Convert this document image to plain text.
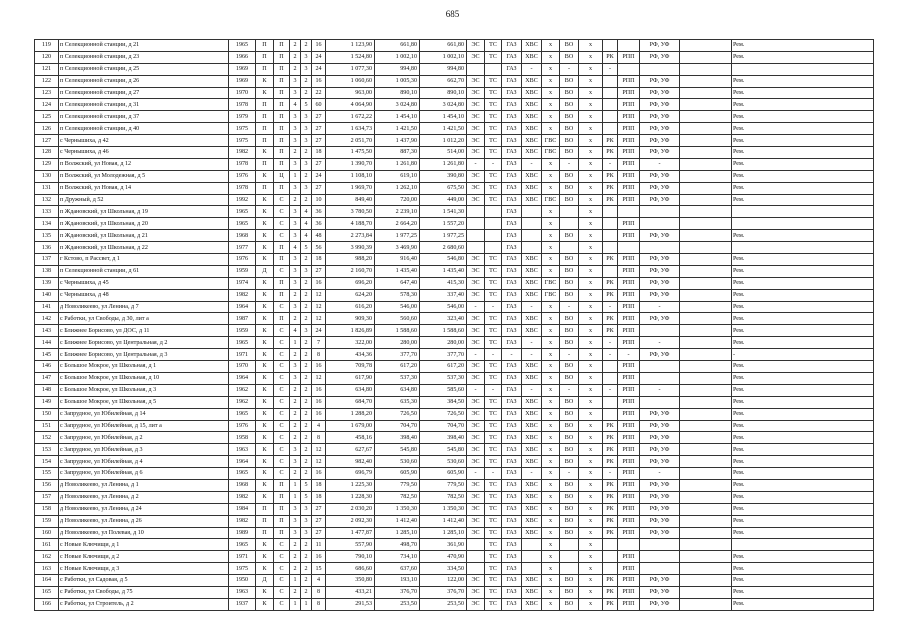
685
119	п Селекционной станции, д 21	1965	П	П	2	2	16	1 123,90	661,80	661,80	ЭС	ТС	ГАЗ	ХВС	х	ВО	х			РФ, УФ		Рем.
120	п Селекционной станции, д 23	1966	П	П	2	3	24	1 524,80	1 002,10	1 002,10	ЭС	ТС	ГАЗ	ХВС	х	ВО	х	РК	РПП	РФ, УФ		Рем.
121	п Селекционной станции, д 25	1969	П	П	2	3	24	1 077,30	994,80	994,80			ГАЗ	-	х	-	х	-				
122	п Селекционной станции, д 26	1969	К	П	3	2	16	1 060,60	1 005,30	662,70	ЭС	ТС	ГАЗ	ХВС	х	ВО	х		РПП	РФ, УФ		Рем.
123	п Селекционной станции, д 27	1970	К	П	3	2	22	963,00	890,10	890,10	ЭС	ТС	ГАЗ	ХВС	х	ВО	х		РПП	РФ, УФ		Рем.
124	п Селекционной станции, д 31	1978	П	П	4	5	60	4 064,90	3 024,80	3 024,80	ЭС	ТС	ГАЗ	ХВС	х	ВО	х		РПП	РФ, УФ		Рем.
125	п Селекционной станции, д 37	1979	П	П	3	3	27	1 672,22	1 454,10	1 454,10	ЭС	ТС	ГАЗ	ХВС	х	ВО	х		РПП	РФ, УФ		Рем.
126	п Селекционной станции, д 40	1975	П	П	3	3	27	1 634,73	1 421,50	1 421,50	ЭС	ТС	ГАЗ	ХВС	х	ВО	х		РПП	РФ, УФ		Рем.
127	с Чернышиха, д 42	1975	П	П	3	3	27	2 051,70	1 437,90	1 012,20	ЭС	ТС	ГАЗ	ХВС	ГВС	ВО	х	РК	РПП	РФ, УФ		Рем.
128	с Чернышиха, д 46	1982	К	П	2	2	18	1 475,50	887,30	514,00	ЭС	ТС	ГАЗ	ХВС	ГВС	ВО	х	РК	РПП	РФ, УФ		Рем.
129	п Волжский, ул Новая, д 12	1978	П	П	3	3	27	1 390,70	1 261,80	1 261,80	-	-	ГАЗ	-	х	-	х	-	РПП	-		Рем.
130	п Волжский, ул Молодежная, д 5	1976	К	Ц	1	2	24	1 108,10	619,10	390,80	ЭС	ТС	ГАЗ	ХВС	х	ВО	х	РК	РПП	РФ, УФ		Рем.
131	п Волжский, ул Новая, д 14	1978	П	П	3	3	27	1 969,70	1 262,10	675,50	ЭС	ТС	ГАЗ	ХВС	х	ВО	х	РК	РПП	РФ, УФ		Рем.
132	п Дружный, д 52	1992	К	С	2	2	10	849,40	720,00	449,00	ЭС	ТС	ГАЗ	ХВС	ГВС	ВО	х	РК	РПП	РФ, УФ		Рем.
133	п Ждановский, ул Школьная, д 19	1965	К	С	3	4	36	3 780,50	2 239,10	1 541,30			ГАЗ		х		х					
134	п Ждановский, ул Школьная, д 20	1965	К	С	3	4	36	4 188,70	2 664,20	1 557,20			ГАЗ		х		х		РПП			
135	п Ждановский, ул Школьная, д 21	1968	К	С	3	4	48	2 273,84	1 977,25	1 977,25			ГАЗ		х	ВО	х		РПП	РФ, УФ		Рем.
136	п Ждановский, ул Школьная, д 22	1977	К	П	4	5	56	3 990,39	3 469,90	2 680,60			ГАЗ		х		х					
137	г Кстово, п Рассвет, д 1	1976	К	П	3	2	18	988,20	916,40	546,80	ЭС	ТС	ГАЗ	ХВС	х	ВО	х	РК	РПП	РФ, УФ		Рем.
138	п Селекционной станции, д 61	1959	Д	С	3	3	27	2 160,70	1 435,40	1 435,40	ЭС	ТС	ГАЗ	ХВС	х	ВО	х		РПП	РФ, УФ		Рем.
139	с Чернышиха, д 45	1974	К	П	3	2	16	696,20	647,40	415,30	ЭС	ТС	ГАЗ	ХВС	ГВС	ВО	х	РК	РПП	РФ, УФ		Рем.
140	с Чернышиха, д 48	1982	К	П	2	2	12	624,20	578,30	337,40	ЭС	ТС	ГАЗ	ХВС	ГВС	ВО	х	РК	РПП	РФ, УФ		Рем.
141	д Новоликеево, ул Ленина, д 7	1964	К	С	3	2	12	616,20	546,00	546,00	-	-	ГАЗ	-	х	-	х	-	РПП	-		Рем.
142	с Работки, ул Свободы, д 30, лит а	1987	К	П	2	2	12	909,30	560,60	323,40	ЭС	ТС	ГАЗ	ХВС	х	ВО	х	РК	РПП	РФ, УФ		Рем.
143	с Ближнее Борисово, ул ДОС, д 11	1959	К	С	4	3	24	1 826,89	1 588,60	1 588,60	ЭС	ТС	ГАЗ	ХВС	х	ВО	х	РК	РПП			Рем.
144	с Ближнее Борисово, ул Центральная, д 2	1965	К	С	1	2	7	322,00	280,00	280,00	ЭС	ТС	ГАЗ	-	х	ВО	х	-	РПП	-		Рем.
145	с Ближнее Борисово, ул Центральная, д 3	1971	К	С	2	2	8	434,36	377,70	377,70	-	-	-	-	х	-	х	-	-	РФ, УФ		-
146	с Большое Мокрое, ул Школьная, д 1	1970	К	С	3	2	16	709,78	617,20	617,20	ЭС	ТС	ГАЗ	ХВС	х	ВО	х		РПП			Рем.
147	с Большое Мокрое, ул Школьная, д 10	1964	К	С	3	2	12	617,90	537,30	537,30	ЭС	ТС	ГАЗ	ХВС	х	ВО	х		РПП			Рем.
148	с Большое Мокрое, ул Школьная, д 3	1962	К	С	2	2	16	634,80	634,80	585,60	-	-	ГАЗ	-	х	-	х	-	РПП	-		Рем.
149	с Большое Мокрое, ул Школьная, д 5	1962	К	С	2	2	16	684,70	635,30	384,50	ЭС	ТС	ГАЗ	ХВС	х	ВО	х		РПП			Рем.
150	с Запрудное, ул Юбилейная, д 14	1965	К	С	2	2	16	1 288,20	726,50	726,50	ЭС	ТС	ГАЗ	ХВС	х	ВО	х		РПП	РФ, УФ		Рем.
151	с Запрудное, ул Юбилейная, д 15, лит а	1976	К	С	2	2	4	1 679,00	704,70	704,70	ЭС	ТС	ГАЗ	ХВС	х	ВО	х	РК	РПП	РФ, УФ		Рем.
152	с Запрудное, ул Юбилейная, д 2	1958	К	С	2	2	8	458,16	398,40	398,40	ЭС	ТС	ГАЗ	ХВС	х	ВО	х	РК	РПП	РФ, УФ		Рем.
153	с Запрудное, ул Юбилейная, д 3	1963	К	С	3	2	12	627,67	545,80	545,80	ЭС	ТС	ГАЗ	ХВС	х	ВО	х	РК	РПП	РФ, УФ		Рем.
154	с Запрудное, ул Юбилейная, д 4	1964	К	С	3	2	12	982,40	530,60	530,60	ЭС	ТС	ГАЗ	ХВС	х	ВО	х	РК	РПП	РФ, УФ		Рем.
155	с Запрудное, ул Юбилейная, д 6	1965	К	С	2	2	16	696,79	605,90	605,90	-	-	ГАЗ	-	х	-	х	-	РПП	-		Рем.
156	д Новоликеево, ул Ленина, д 1	1968	К	П	1	5	18	1 225,30	779,50	779,50	ЭС	ТС	ГАЗ	ХВС	х	ВО	х	РК	РПП	РФ, УФ		Рем.
157	д Новоликеево, ул Ленина, д 2	1982	К	П	1	5	18	1 228,30	782,50	782,50	ЭС	ТС	ГАЗ	ХВС	х	ВО	х	РК	РПП	РФ, УФ		Рем.
158	д Новоликеево, ул Ленина, д 24	1984	П	П	3	3	27	2 030,20	1 350,30	1 350,30	ЭС	ТС	ГАЗ	ХВС	х	ВО	х	РК	РПП	РФ, УФ		Рем.
159	д Новоликеево, ул Ленина, д 26	1982	П	П	3	3	27	2 092,30	1 412,40	1 412,40	ЭС	ТС	ГАЗ	ХВС	х	ВО	х	РК	РПП	РФ, УФ		Рем.
160	д Новоликеево, ул Полевая, д 10	1989	П	П	3	3	27	1 477,87	1 285,10	1 285,10	ЭС	ТС	ГАЗ	ХВС	х	ВО	х	РК	РПП	РФ, УФ		Рем.
161	с Новые Ключищи, д 1	1965	К	С	2	2	11	557,90	498,70	361,90		ТС	ГАЗ		х		х					
162	с Новые Ключищи, д 2	1971	К	С	2	2	16	790,10	734,10	470,90		ТС	ГАЗ		х		х		РПП			Рем.
163	с Новые Ключищи, д 3	1975	К	С	2	2	15	686,60	637,60	334,50		ТС	ГАЗ		х		х		РПП			Рем.
164	с Работки, ул Садовая, д 5	1950	Д	С	1	2	4	350,80	193,10	122,00	ЭС	ТС	ГАЗ	ХВС	х	ВО	х	РК	РПП	РФ, УФ		Рем.
165	с Работки, ул Свободы, д 75	1963	К	С	2	2	8	433,21	376,70	376,70	ЭС	ТС	ГАЗ	ХВС	х	ВО	х	РК	РПП	РФ, УФ		Рем.
166	с Работки, ул Строитель, д 2	1937	К	С	1	1	8	291,53	253,50	253,50	ЭС	ТС	ГАЗ	ХВС	х	ВО	х	РК	РПП	РФ, УФ		Рем.
